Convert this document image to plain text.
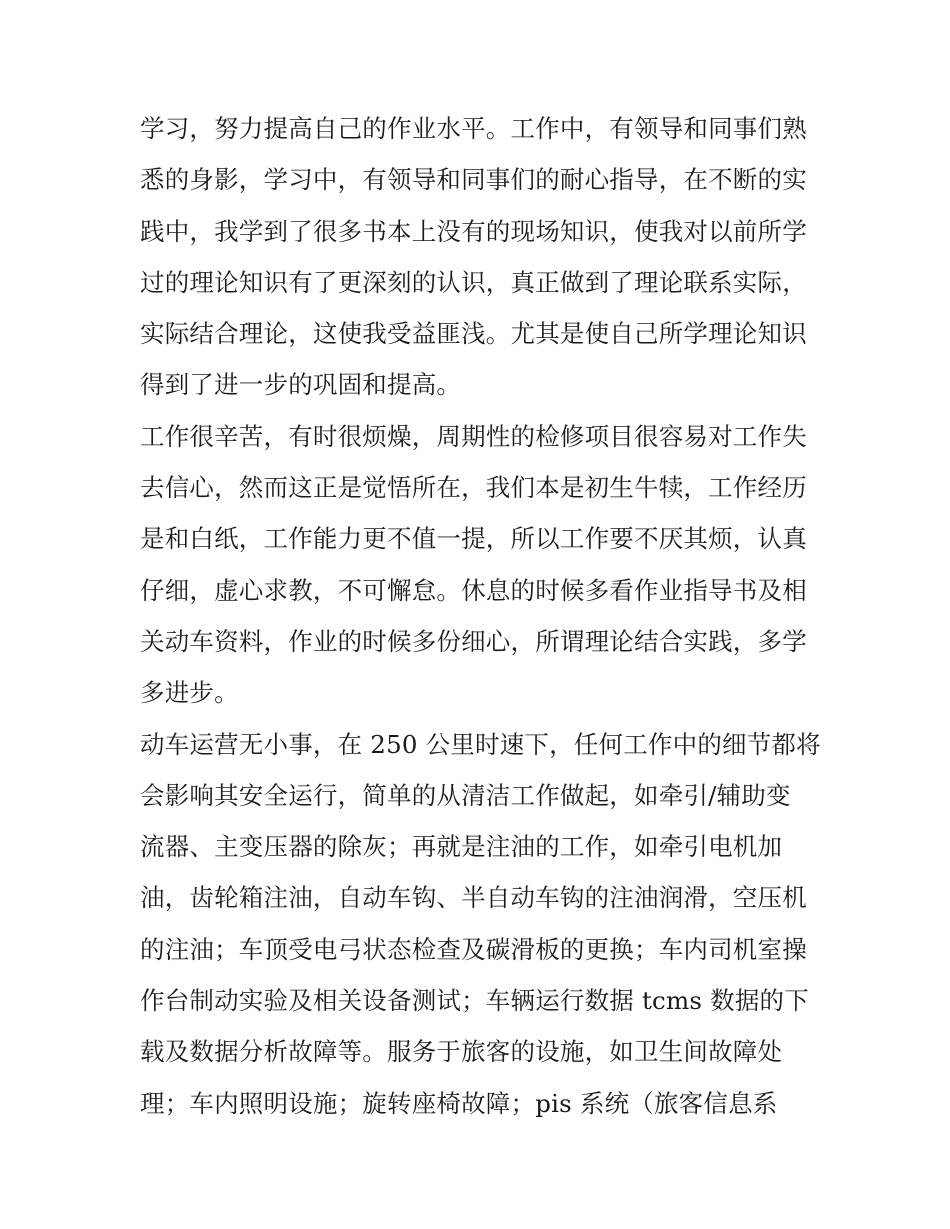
学习，努力提高自己的作业水平。工作中，有领导和同事们熟
悉的身影，学习中，有领导和同事们的耐心指导，在不断的实
践中，我学到了很多书本上没有的现场知识，使我对以前所学
过的理论知识有了更深刻的认识，真正做到了理论联系实际，
实际结合理论，这使我受益匪浅。尤其是使自己所学理论知识
得到了进一步的巩固和提高。
工作很辛苦，有时很烦燥，周期性的检修项目很容易对工作失
去信心，然而这正是觉悟所在，我们本是初生牛犊，工作经历
是和白纸，工作能力更不值一提，所以工作要不厌其烦，认真
仔细，虚心求教，不可懈怠。休息的时候多看作业指导书及相
关动车资料，作业的时候多份细心，所谓理论结合实践，多学
多进步。
动车运营无小事，在 250 公里时速下，任何工作中的细节都将
会影响其安全运行，简单的从清洁工作做起，如牵引/辅助变
流器、主变压器的除灰；再就是注油的工作，如牵引电机加
油，齿轮箱注油，自动车钩、半自动车钩的注油润滑，空压机
的注油；车顶受电弓状态检查及碳滑板的更换；车内司机室操
作台制动实验及相关设备测试；车辆运行数据 tcms 数据的下
载及数据分析故障等。服务于旅客的设施，如卫生间故障处
理；车内照明设施；旋转座椅故障；pis 系统（旅客信息系
